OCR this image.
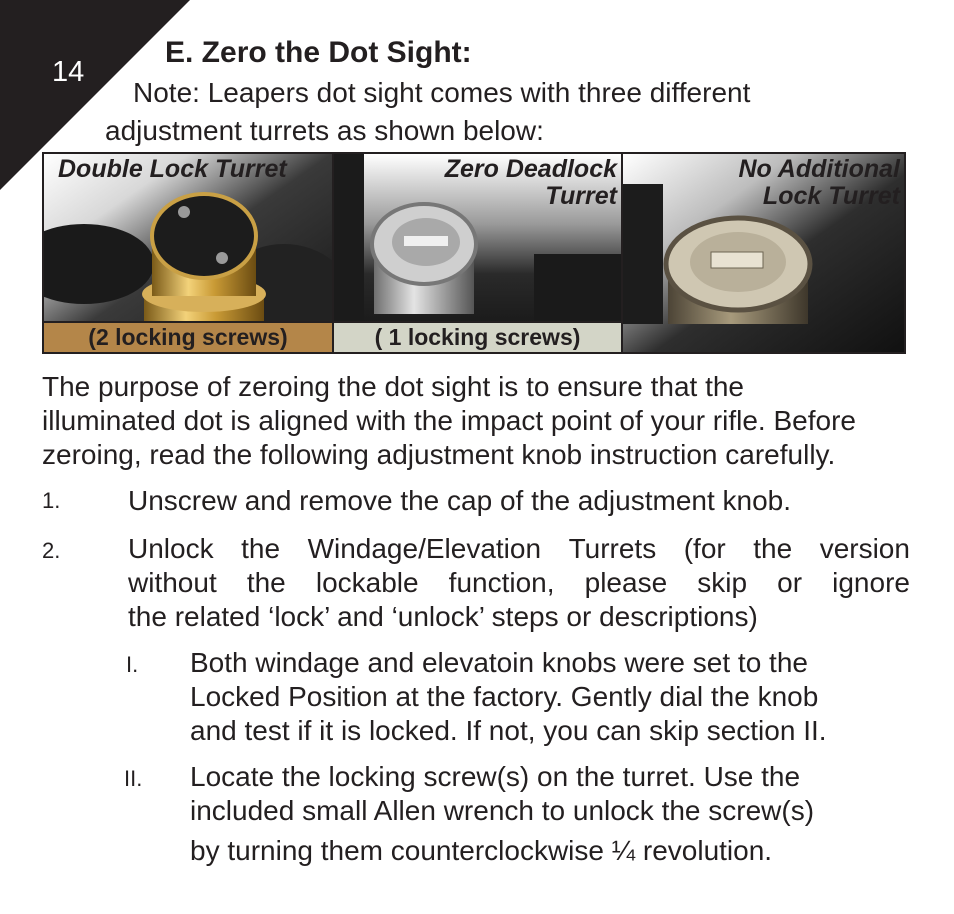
14
E. Zero the Dot Sight:
Note: Leapers dot sight comes with three different
adjustment turrets as shown below:
Double Lock Turret
(2 locking screws)
Zero Deadlock
Turret
( 1 locking screws)
No Additional
Lock Turret

The purpose of zeroing the dot sight is to ensure that the
illuminated dot is aligned with the impact point of your rifle. Before
zeroing, read the following adjustment knob instruction carefully.

1. Unscrew and remove the cap of the adjustment knob.

2. Unlock the Windage/Elevation Turrets (for the version
without the lockable function, please skip or ignore
the related ‘lock’ and ‘unlock’ steps or descriptions)
I. Both windage and elevatoin knobs were set to the
Locked Position at the factory. Gently dial the knob
and test if it is locked. If not, you can skip section II.
II. Locate the locking screw(s) on the turret. Use the
included small Allen wrench to unlock the screw(s)
by turning them counterclockwise ¼ revolution.
